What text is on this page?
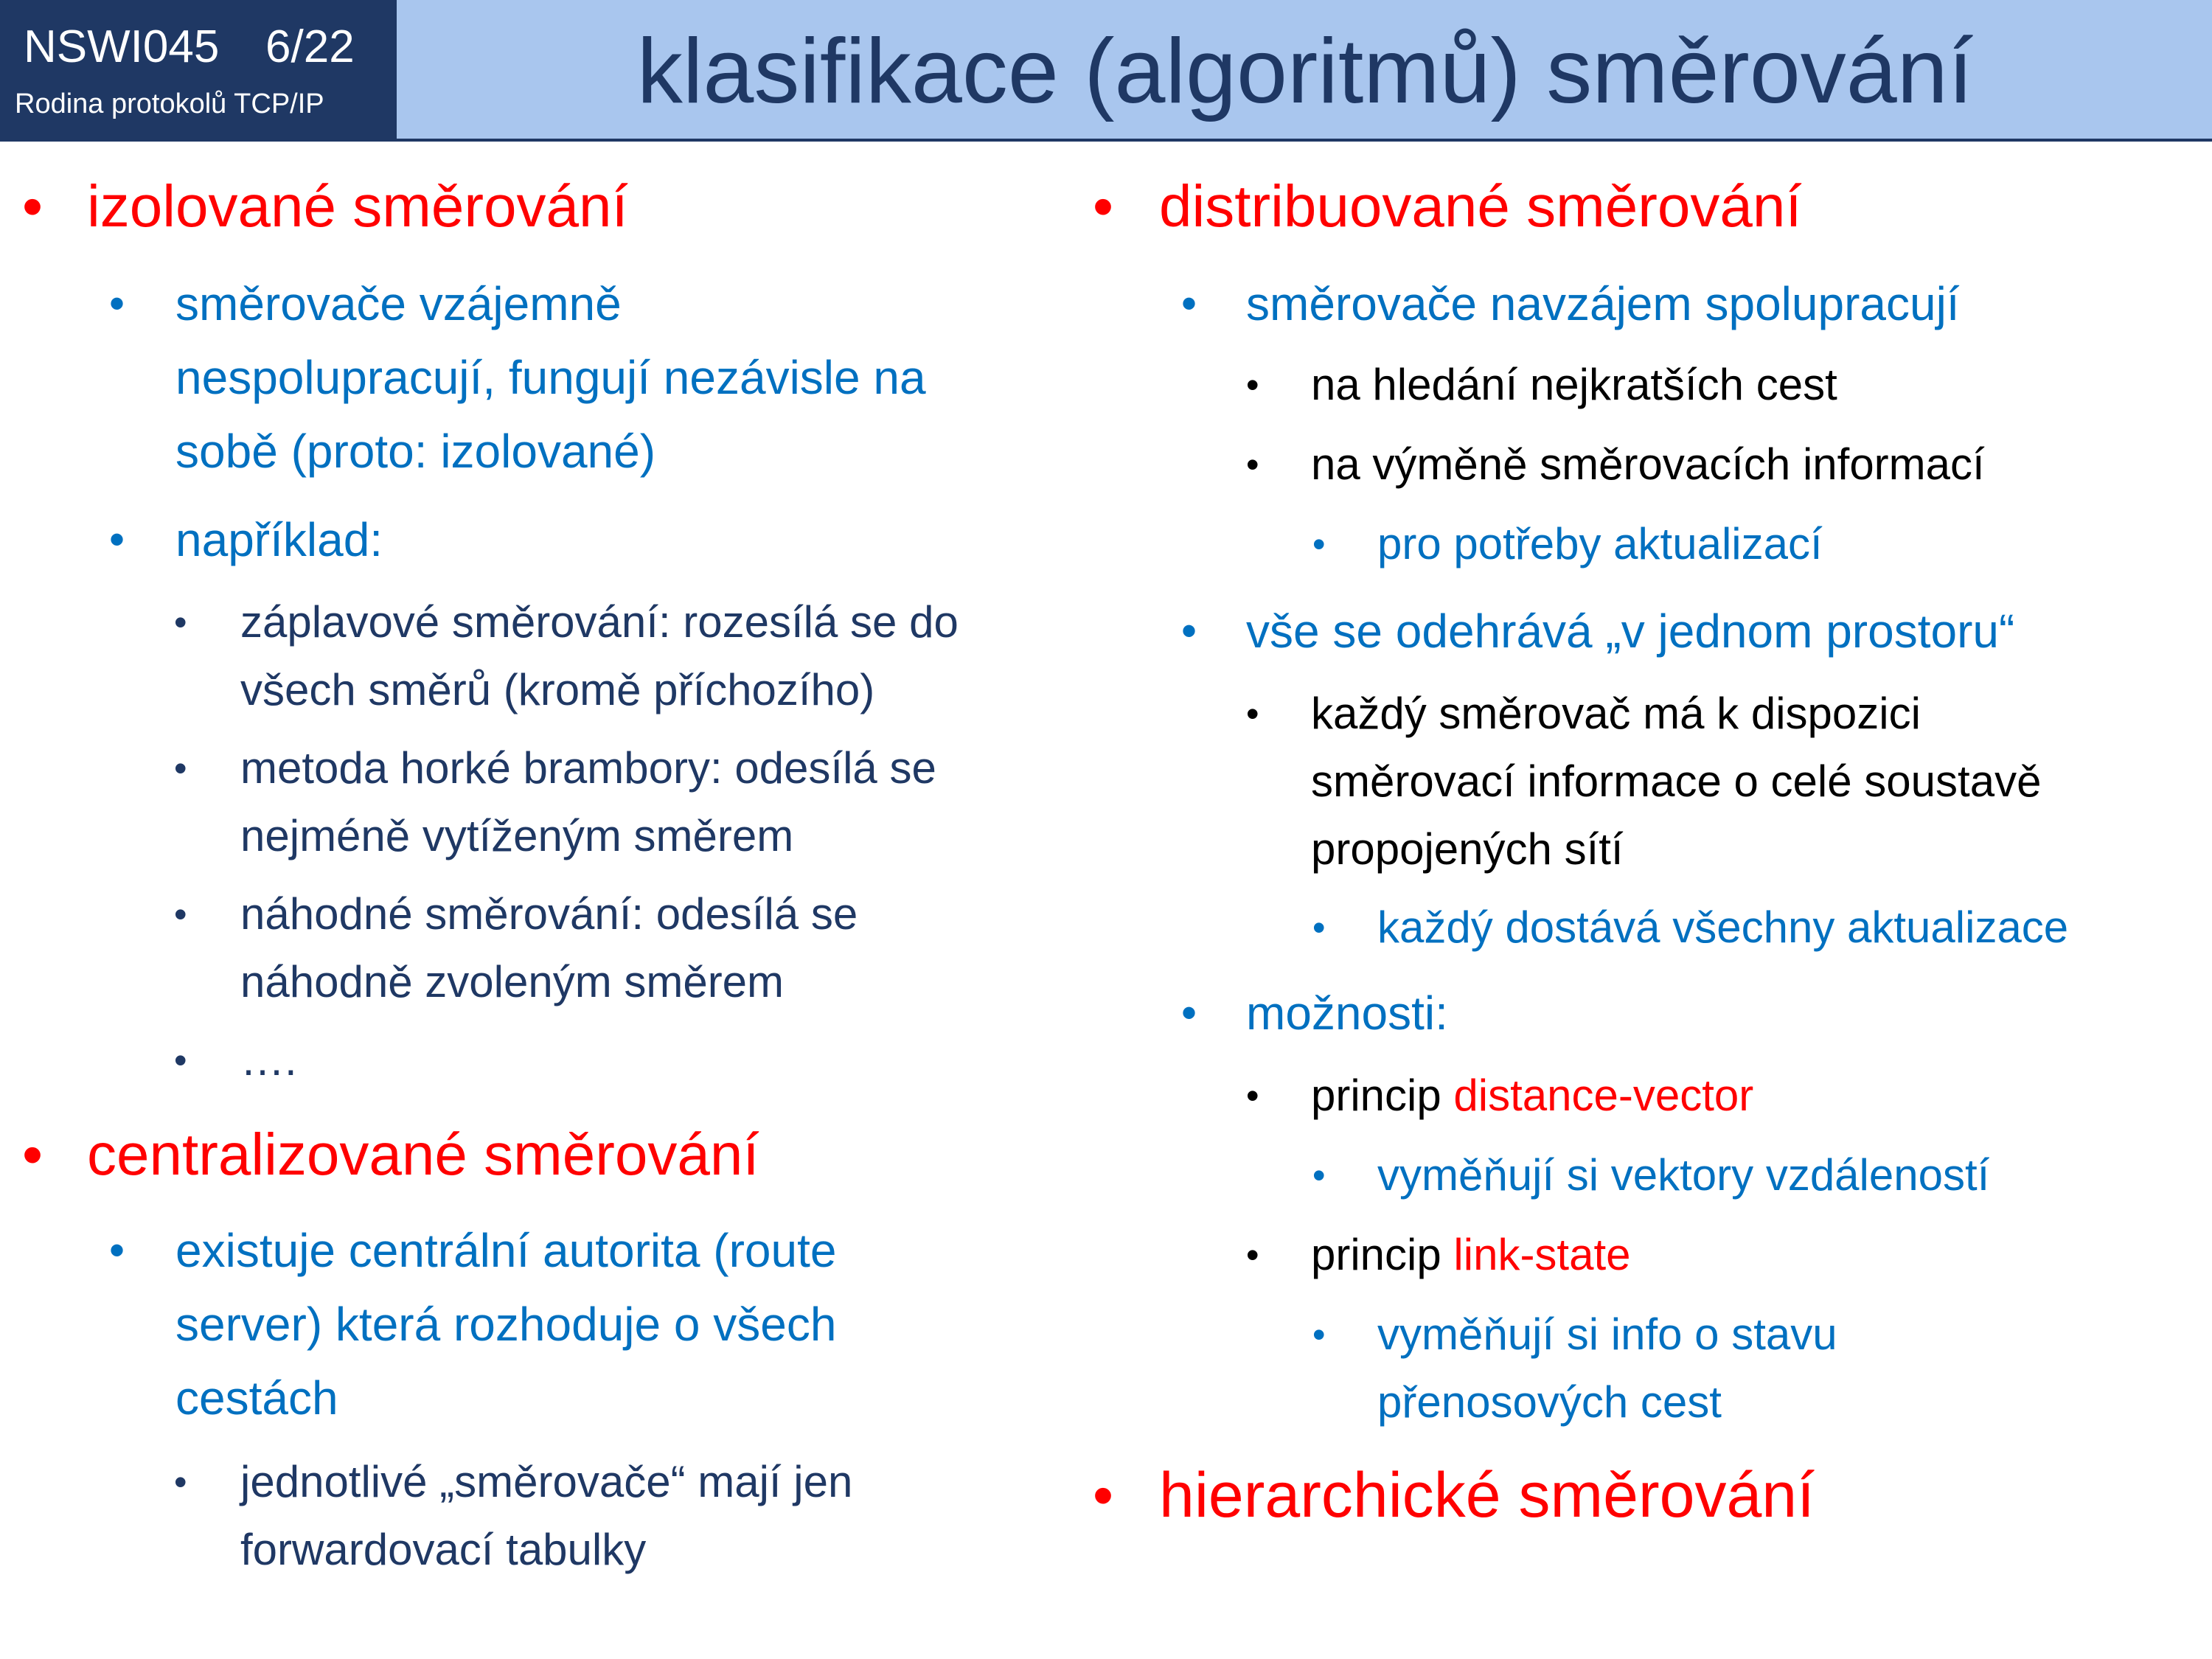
NSWI045 6/22
Rodina protokolů TCP/IP	klasifikace (algoritmů) směrování
• izolované směrování
• směrovače vzájemně
nespolupracují, fungují nezávisle na
sobě (proto: izolované)
• například:
• záplavové směrování: rozesílá se do
všech směrů (kromě příchozího)
• metoda horké brambory: odesílá se
nejméně vytíženým směrem
• náhodné směrování: odesílá se
náhodně zvoleným směrem
• ….
• centralizované směrování
• existuje centrální autorita (route
server) která rozhoduje o všech
cestách
• jednotlivé „směrovače“ mají jen
forwardovací tabulky
• distribuované směrování
• směrovače navzájem spolupracují
• na hledání nejkratších cest
• na výměně směrovacích informací
• pro potřeby aktualizací
• vše se odehrává „v jednom prostoru“
• každý směrovač má k dispozici
směrovací informace o celé soustavě
propojených sítí
• každý dostává všechny aktualizace
• možnosti:
• princip distance-vector
• vyměňují si vektory vzdáleností
• princip link-state
• vyměňují si info o stavu
přenosových cest
• hierarchické směrování
